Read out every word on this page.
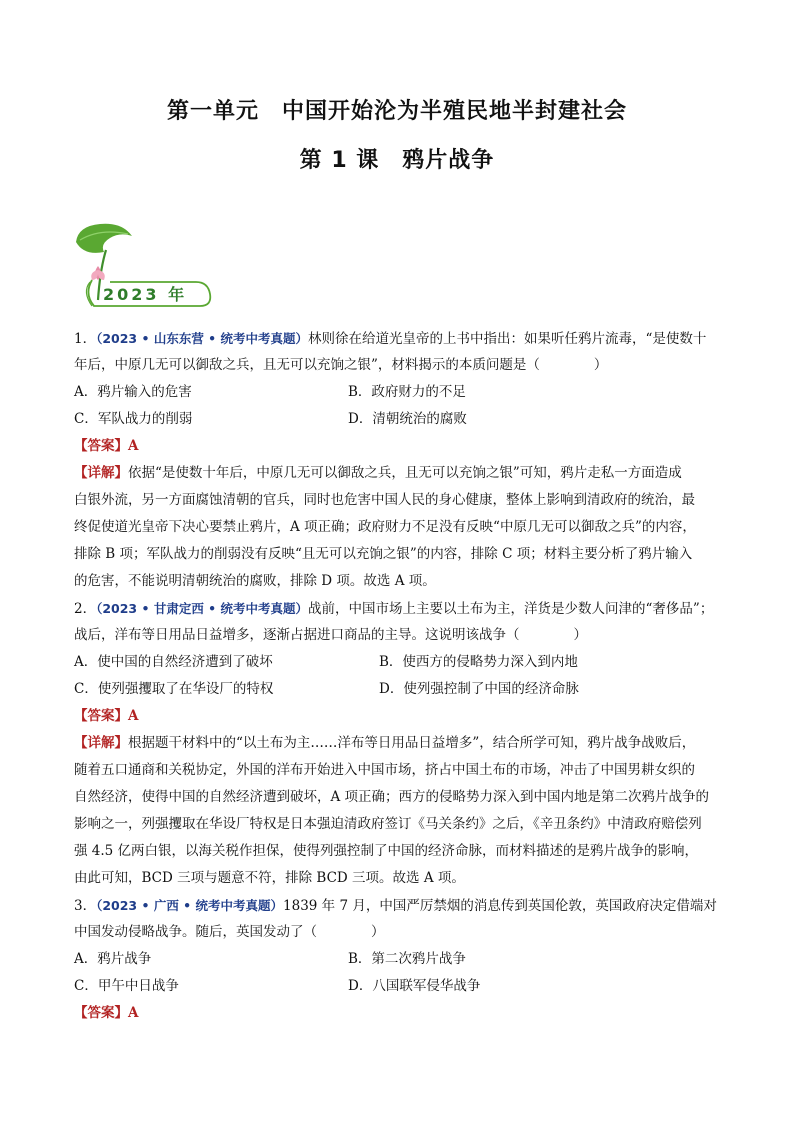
第一单元　中国开始沦为半殖民地半封建社会
第 1 课　鸦片战争
2023 年
1．（2023 • 山东东营 • 统考中考真题）林则徐在给道光皇帝的上书中指出：如果听任鸦片流毒，“是使数十
年后，中原几无可以御敌之兵，且无可以充饷之银”，材料揭示的本质问题是（　　　　）
A．鸦片输入的危害	B．政府财力的不足
C．军队战力的削弱	D．清朝统治的腐败
【答案】A
【详解】依据“是使数十年后，中原几无可以御敌之兵，且无可以充饷之银”可知，鸦片走私一方面造成
白银外流，另一方面腐蚀清朝的官兵，同时也危害中国人民的身心健康，整体上影响到清政府的统治，最
终促使道光皇帝下决心要禁止鸦片，A 项正确；政府财力不足没有反映“中原几无可以御敌之兵”的内容，
排除 B 项；军队战力的削弱没有反映“且无可以充饷之银”的内容，排除 C 项；材料主要分析了鸦片输入
的危害，不能说明清朝统治的腐败，排除 D 项。故选 A 项。
2．（2023 • 甘肃定西 • 统考中考真题）战前，中国市场上主要以土布为主，洋货是少数人问津的“奢侈品”；
战后，洋布等日用品日益增多，逐渐占据进口商品的主导。这说明该战争（　　　　）
A．使中国的自然经济遭到了破坏	B．使西方的侵略势力深入到内地
C．使列强攫取了在华设厂的特权	D．使列强控制了中国的经济命脉
【答案】A
【详解】根据题干材料中的“以土布为主……洋布等日用品日益增多”，结合所学可知，鸦片战争战败后，
随着五口通商和关税协定，外国的洋布开始进入中国市场，挤占中国土布的市场，冲击了中国男耕女织的
自然经济，使得中国的自然经济遭到破坏，A 项正确；西方的侵略势力深入到中国内地是第二次鸦片战争的
影响之一，列强攫取在华设厂特权是日本强迫清政府签订《马关条约》之后，《辛丑条约》中清政府赔偿列
强 4.5 亿两白银，以海关税作担保，使得列强控制了中国的经济命脉，而材料描述的是鸦片战争的影响，
由此可知，BCD 三项与题意不符，排除 BCD 三项。故选 A 项。
3．（2023 • 广西 • 统考中考真题）1839 年 7 月，中国严厉禁烟的消息传到英国伦敦，英国政府决定借端对
中国发动侵略战争。随后，英国发动了（　　　　）
A．鸦片战争	B．第二次鸦片战争
C．甲午中日战争	D．八国联军侵华战争
【答案】A
